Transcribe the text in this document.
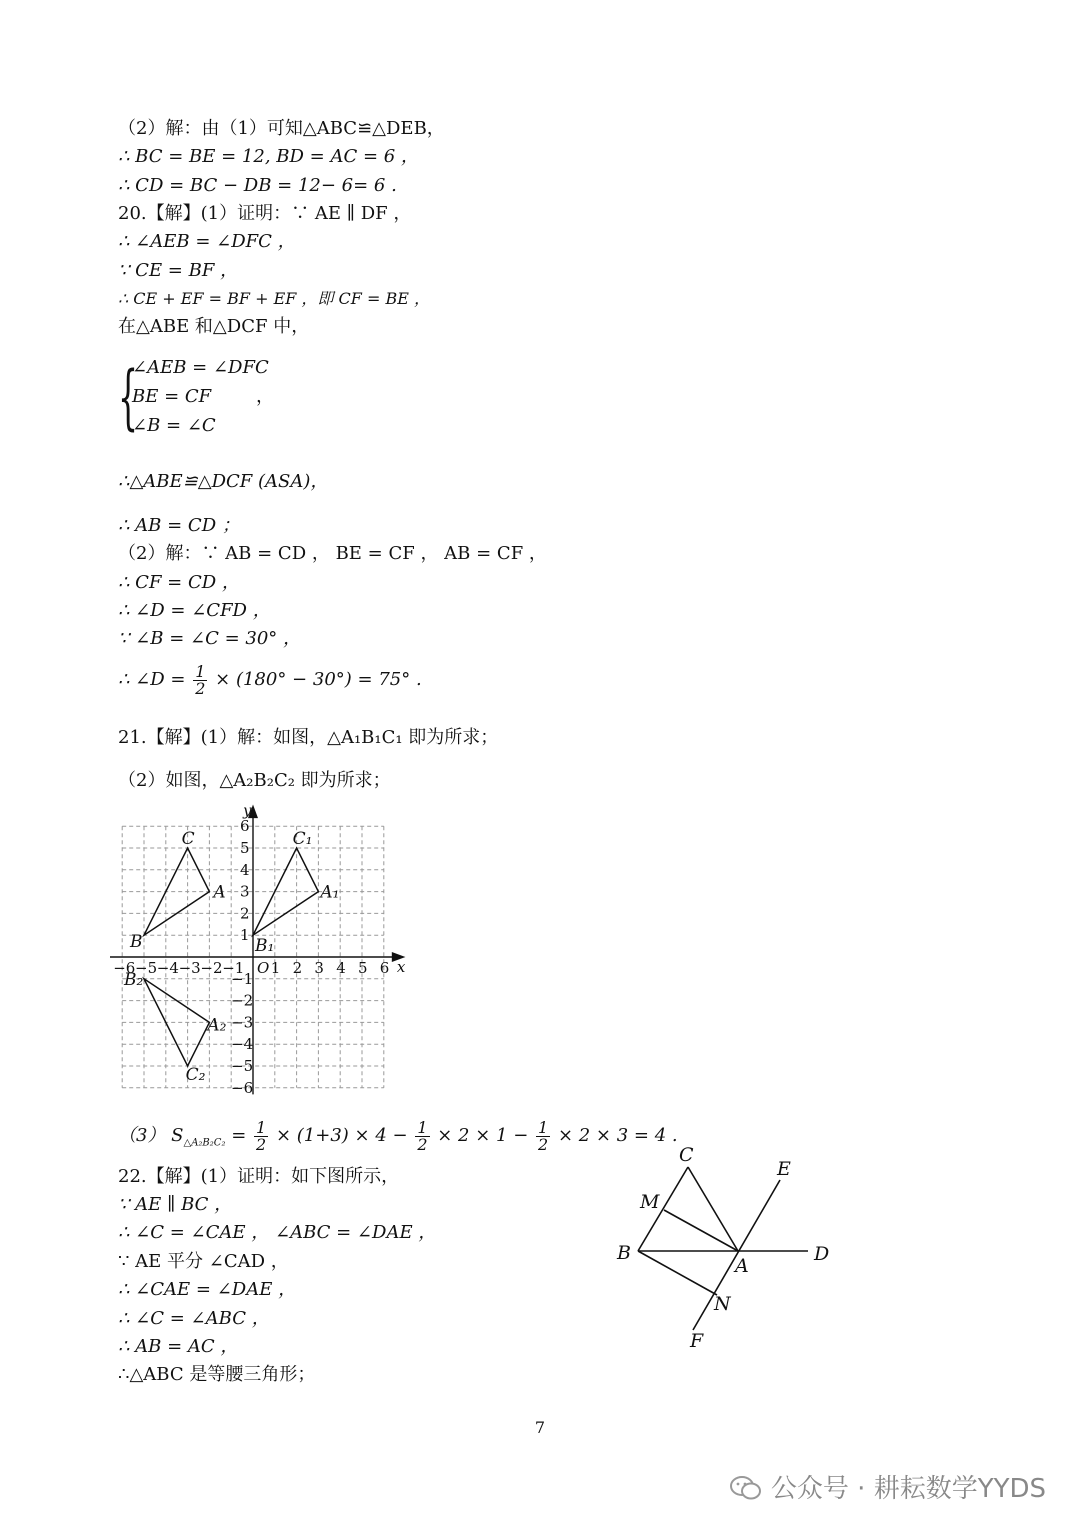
（2）解：由（1）可知△ABC≌△DEB，
∴ BC = BE = 12, BD = AC = 6 ，
∴ CD = BC − DB = 12− 6= 6 .
20.【解】(1）证明：∵ AE ∥ DF ，
∴ ∠AEB = ∠DFC ，
∵ CE = BF ，
∴ CE + EF = BF + EF ，即 CF = BE ，
在△ABE 和△DCF 中，
{
∠AEB = ∠DFC
BE = CF ，
∠B = ∠C
∴△ABE≌△DCF (ASA)，
∴ AB = CD ；
（2）解：∵ AB = CD ， BE = CF ， AB = CF ，
∴ CF = CD ，
∴ ∠D = ∠CFD ，
∵ ∠B = ∠C = 30° ，
∴ ∠D = $\frac{1}{2} \times (180^\circ - 30^\circ) = 75^\circ$ .
21.【解】(1）解：如图，△A₁B₁C₁ 即为所求；
（2）如图，△A₂B₂C₂ 即为所求；
−6 −5 −4 −3 −2 −1 1 2 3 4 5 6
1
2
3
4
5
6
−1
−2
−3
−4
−5
−6
O	x
y
A
B
C
A₁
B₁
C₁
A₂
B₂
C₂
（3） $S_{\triangle A_2B_2C_2} = \frac{1}{2} \times (1+3) \times 4 - \frac{1}{2} \times 2 \times 1 - \frac{1}{2} \times 2 \times 3 = 4$ .
22.【解】(1）证明：如下图所示，
∵ AE ∥ BC ，
∴ ∠C = ∠CAE ， ∠ABC = ∠DAE ，
∵ AE 平分 ∠CAD ，
∴ ∠CAE = ∠DAE ，
∴ ∠C = ∠ABC ，
∴ AB = AC ，
∴△ABC 是等腰三角形；
C
E
M
B
A
D
N
F
7
公众号 · 耕耘数学YYDS
